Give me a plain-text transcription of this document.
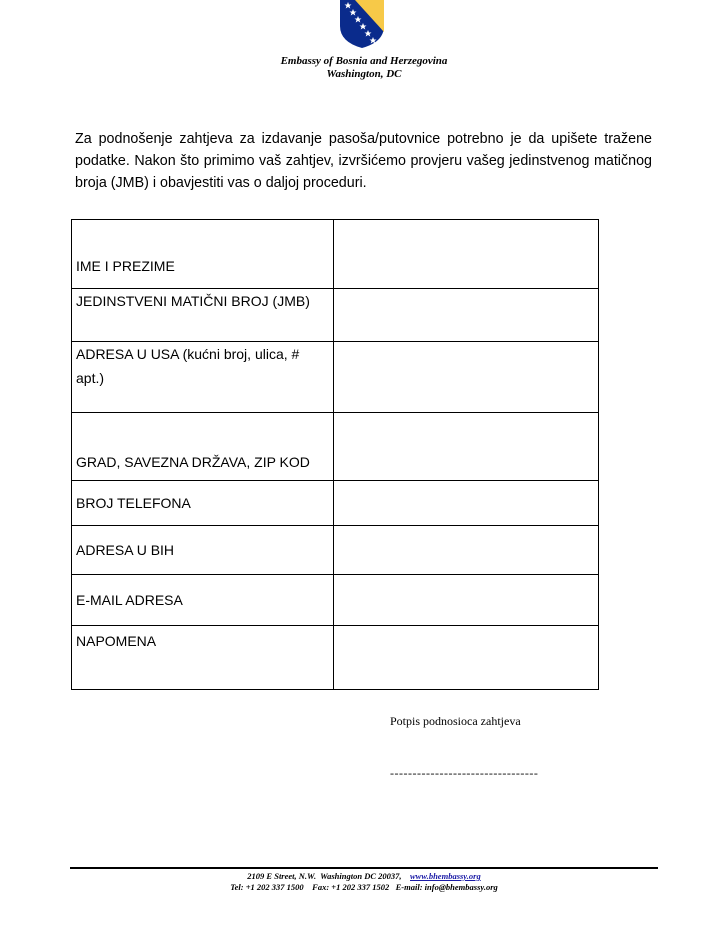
Embassy of Bosnia and Herzegovina
Washington, DC

Za podnošenje zahtjeva za izdavanje pasoša/putovnice potrebno je da upišete tražene podatke. Nakon što primimo vaš zahtjev, izvršićemo provjeru vašeg jedinstvenog matičnog broja (JMB) i obavjestiti vas o daljoj proceduri.

IME I PREZIME	
JEDINSTVENI MATIČNI BROJ (JMB)	
ADRESA U USA (kućni broj, ulica, # apt.)	
GRAD, SAVEZNA DRŽAVA, ZIP KOD	
BROJ TELEFONA	
ADRESA U BIH	
E-MAIL ADRESA	
NAPOMENA	
Potpis podnosioca zahtjeva
---------------------------------
2109 E Street, N.W.  Washington DC 20037, www.bhembassy.org
Tel: +1 202 337 1500    Fax: +1 202 337 1502   E-mail: info@bhembassy.org
